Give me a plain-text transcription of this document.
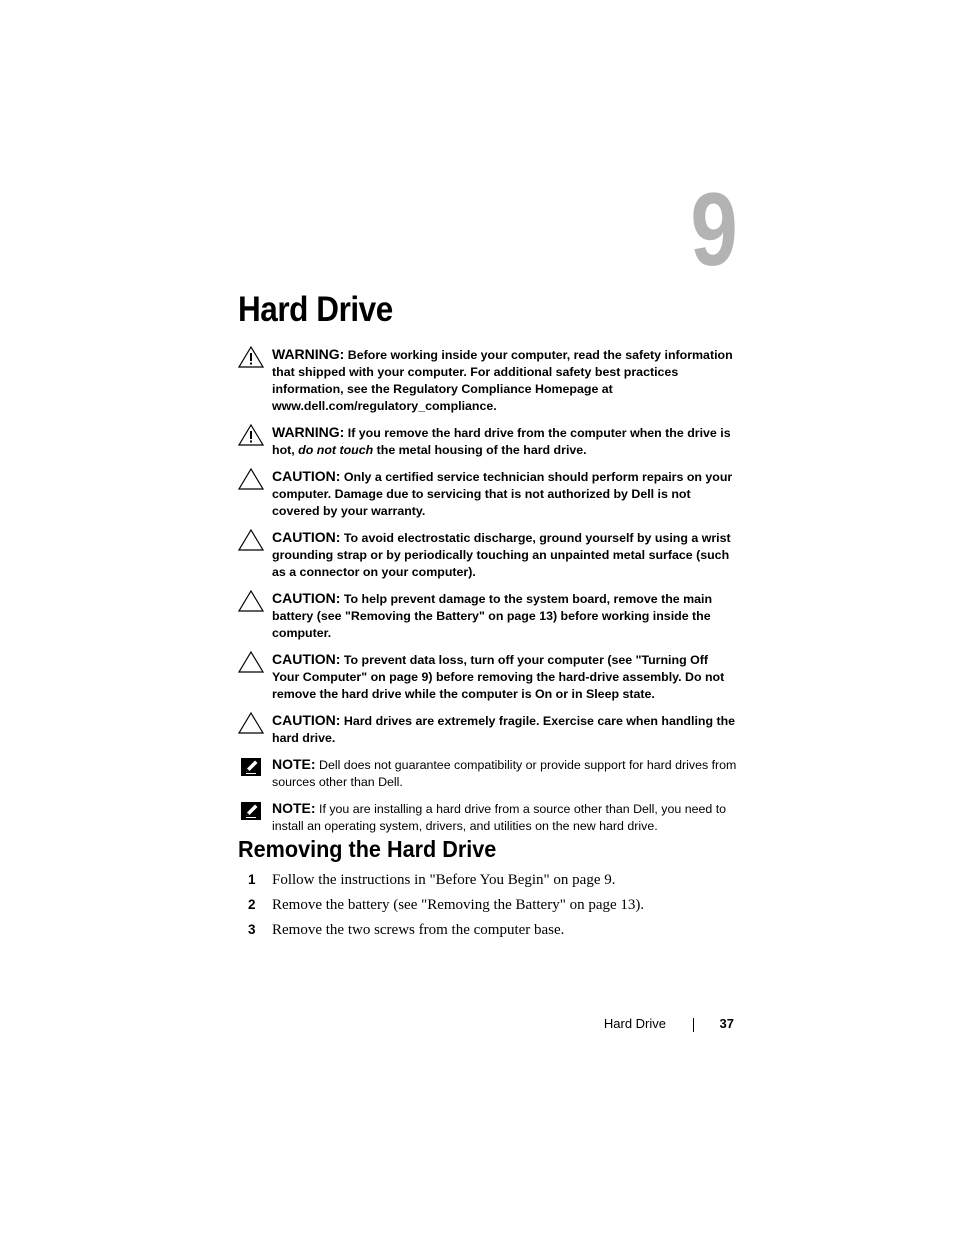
9
Hard Drive
WARNING: Before working inside your computer, read the safety information that shipped with your computer. For additional safety best practices information, see the Regulatory Compliance Homepage at www.dell.com/regulatory_compliance.
WARNING: If you remove the hard drive from the computer when the drive is hot, do not touch the metal housing of the hard drive.
CAUTION: Only a certified service technician should perform repairs on your computer. Damage due to servicing that is not authorized by Dell is not covered by your warranty.
CAUTION: To avoid electrostatic discharge, ground yourself by using a wrist grounding strap or by periodically touching an unpainted metal surface (such as a connector on your computer).
CAUTION: To help prevent damage to the system board, remove the main battery (see "Removing the Battery" on page 13) before working inside the computer.
CAUTION: To prevent data loss, turn off your computer (see "Turning Off Your Computer" on page 9) before removing the hard-drive assembly. Do not remove the hard drive while the computer is On or in Sleep state.
CAUTION: Hard drives are extremely fragile. Exercise care when handling the hard drive.
NOTE: Dell does not guarantee compatibility or provide support for hard drives from sources other than Dell.
NOTE: If you are installing a hard drive from a source other than Dell, you need to install an operating system, drivers, and utilities on the new hard drive.
Removing the Hard Drive
1 Follow the instructions in "Before You Begin" on page 9.
2 Remove the battery (see "Removing the Battery" on page 13).
3 Remove the two screws from the computer base.
Hard Drive	37
